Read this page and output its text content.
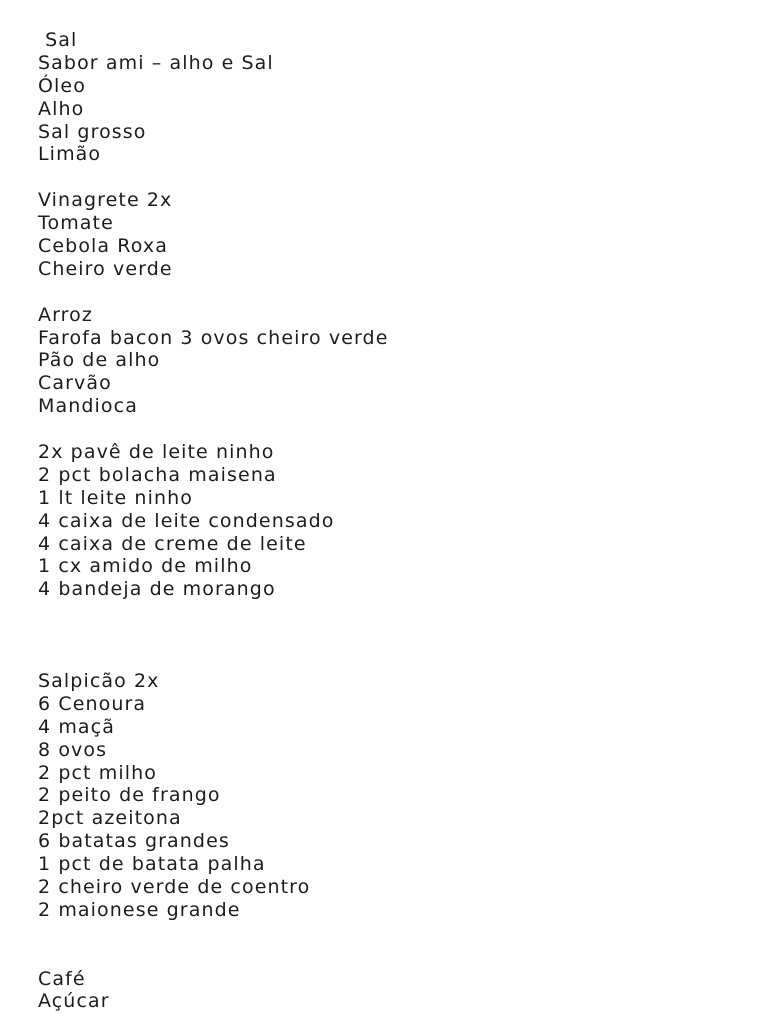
Sal
Sabor ami – alho e Sal
Óleo
Alho
Sal grosso
Limão
Vinagrete 2x
Tomate
Cebola Roxa
Cheiro verde
Arroz
Farofa bacon 3 ovos cheiro verde
Pão de alho
Carvão
Mandioca
2x pavê de leite ninho
2 pct bolacha maisena
1 lt leite ninho
4 caixa de leite condensado
4 caixa de creme de leite
1 cx amido de milho
4 bandeja de morango
Salpicão 2x
6 Cenoura
4 maçã
8 ovos
2 pct milho
2 peito de frango
2pct azeitona
6 batatas grandes
1 pct de batata palha
2 cheiro verde de coentro
2 maionese grande
Café
Açúcar
